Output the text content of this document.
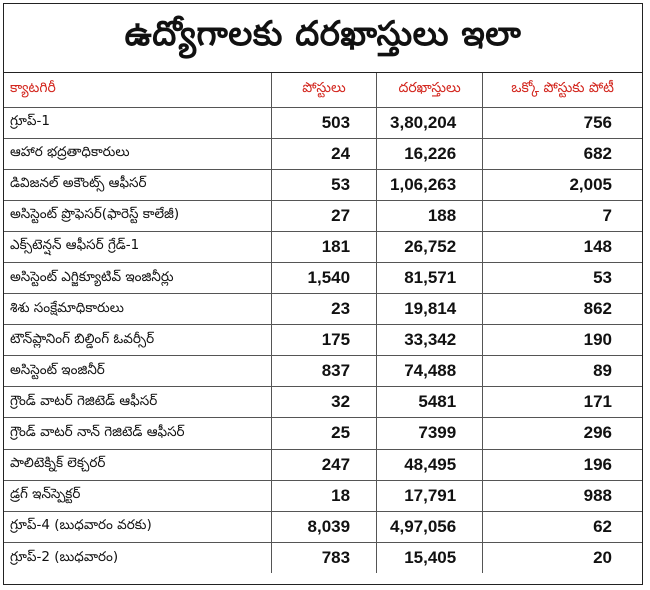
ఉద్యోగాలకు దరఖాస్తులు ఇలా
క్యాటగిరీ	పోస్టులు	దరఖాస్తులు	ఒక్కో పోస్టుకు పోటీ
గ్రూప్-1	503	3,80,204	756
ఆహార భద్రతాధికారులు	24	16,226	682
డివిజనల్ అకౌంట్స్ ఆఫీసర్	53	1,06,263	2,005
అసిస్టెంట్ ప్రొఫెసర్(ఫారెస్ట్ కాలేజీ)	27	188	7
ఎక్స్‌టెన్షన్ ఆఫీసర్ గ్రేడ్-1	181	26,752	148
అసిస్టెంట్ ఎగ్జిక్యూటివ్ ఇంజినీర్లు	1,540	81,571	53
శిశు సంక్షేమాధికారులు	23	19,814	862
టౌన్‌ప్లానింగ్ బిల్డింగ్ ఓవర్సీర్	175	33,342	190
అసిస్టెంట్ ఇంజినీర్	837	74,488	89
గ్రౌండ్ వాటర్ గెజిటెడ్ ఆఫీసర్	32	5481	171
గ్రౌండ్ వాటర్ నాన్ గెజిటెడ్ ఆఫీసర్	25	7399	296
పాలిటెక్నిక్ లెక్చరర్	247	48,495	196
డ్రగ్ ఇన్‌స్పెక్టర్	18	17,791	988
గ్రూప్-4 (బుధవారం వరకు)	8,039	4,97,056	62
గ్రూప్-2 (బుధవారం)	783	15,405	20
